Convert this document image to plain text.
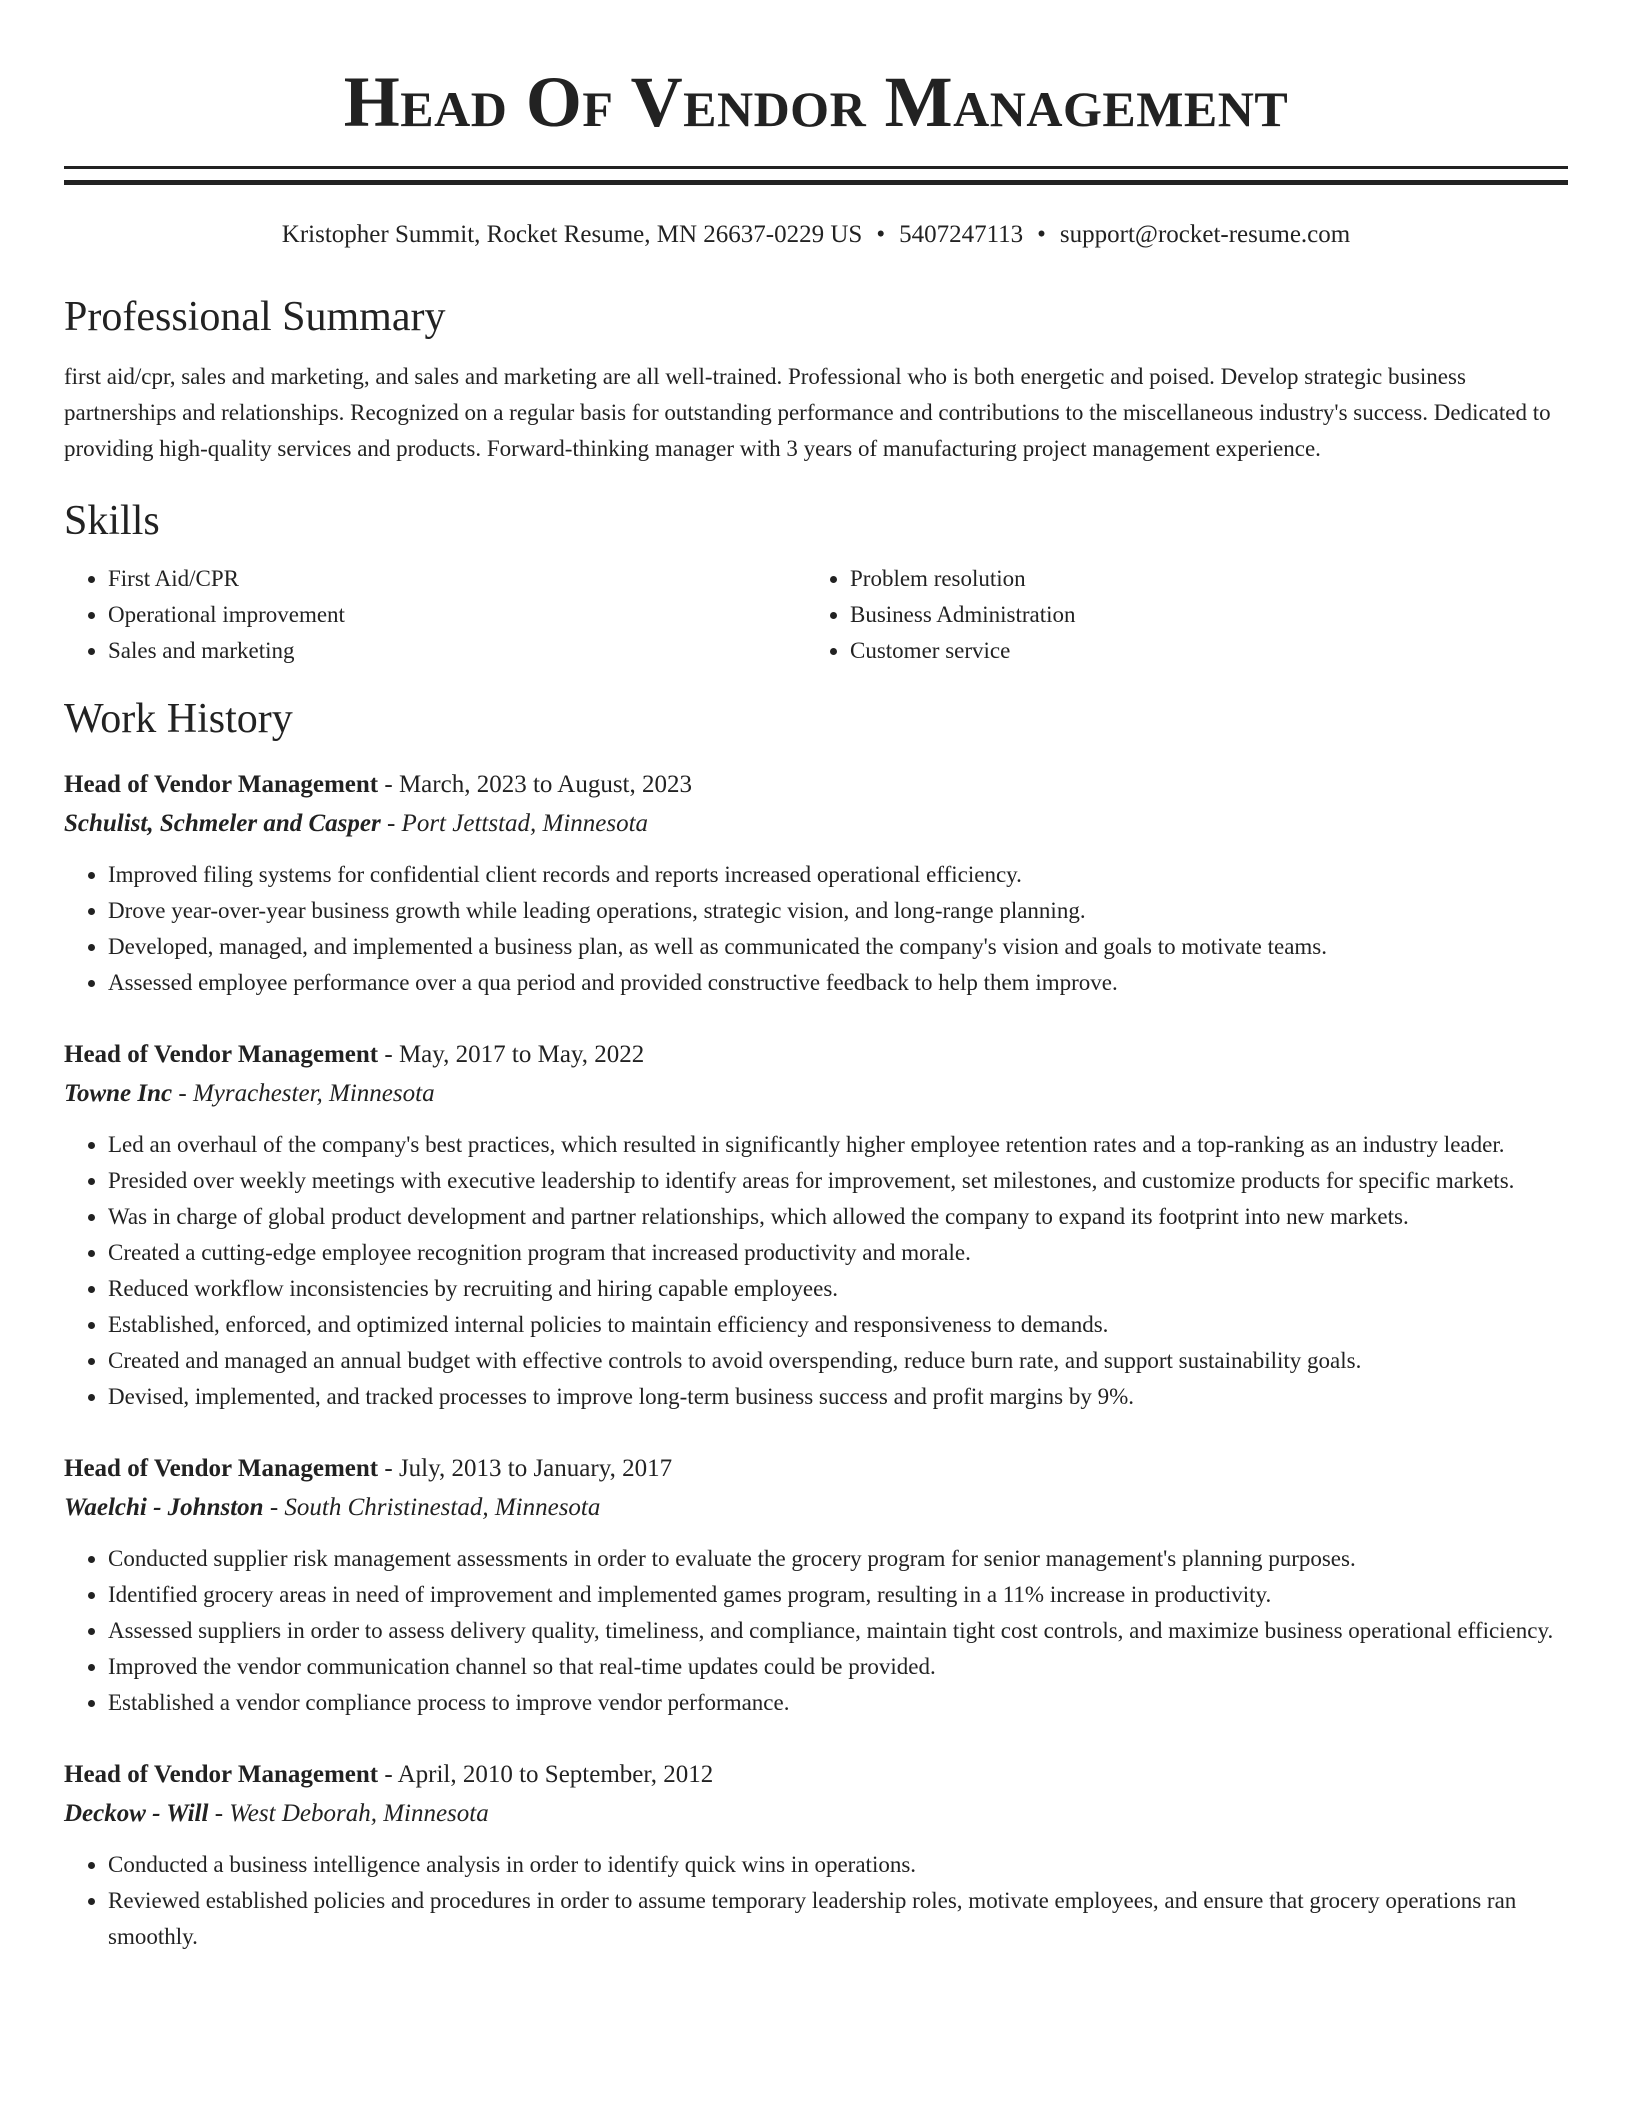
Head Of Vendor Management
Kristopher Summit, Rocket Resume, MN 26637-0229 US • 5407247113 • support@rocket-resume.com
Professional Summary

first aid/cpr, sales and marketing, and sales and marketing are all well-trained. Professional who is both energetic and poised. Develop strategic business partnerships and relationships. Recognized on a regular basis for outstanding performance and contributions to the miscellaneous industry's success. Dedicated to providing high-quality services and products. Forward-thinking manager with 3 years of manufacturing project management experience.

Skills
• First Aid/CPR
• Operational improvement
• Sales and marketing
• Problem resolution
• Business Administration
• Customer service
Work History
Head of Vendor Management - March, 2023 to August, 2023
Schulist, Schmeler and Casper - Port Jettstad, Minnesota
• Improved filing systems for confidential client records and reports increased operational efficiency.
• Drove year-over-year business growth while leading operations, strategic vision, and long-range planning.
• Developed, managed, and implemented a business plan, as well as communicated the company's vision and goals to motivate teams.
• Assessed employee performance over a qua period and provided constructive feedback to help them improve.
Head of Vendor Management - May, 2017 to May, 2022
Towne Inc - Myrachester, Minnesota
• Led an overhaul of the company's best practices, which resulted in significantly higher employee retention rates and a top-ranking as an industry leader.
• Presided over weekly meetings with executive leadership to identify areas for improvement, set milestones, and customize products for specific markets.
• Was in charge of global product development and partner relationships, which allowed the company to expand its footprint into new markets.
• Created a cutting-edge employee recognition program that increased productivity and morale.
• Reduced workflow inconsistencies by recruiting and hiring capable employees.
• Established, enforced, and optimized internal policies to maintain efficiency and responsiveness to demands.
• Created and managed an annual budget with effective controls to avoid overspending, reduce burn rate, and support sustainability goals.
• Devised, implemented, and tracked processes to improve long-term business success and profit margins by 9%.
Head of Vendor Management - July, 2013 to January, 2017
Waelchi - Johnston - South Christinestad, Minnesota
• Conducted supplier risk management assessments in order to evaluate the grocery program for senior management's planning purposes.
• Identified grocery areas in need of improvement and implemented games program, resulting in a 11% increase in productivity.
• Assessed suppliers in order to assess delivery quality, timeliness, and compliance, maintain tight cost controls, and maximize business operational efficiency.
• Improved the vendor communication channel so that real-time updates could be provided.
• Established a vendor compliance process to improve vendor performance.
Head of Vendor Management - April, 2010 to September, 2012
Deckow - Will - West Deborah, Minnesota
• Conducted a business intelligence analysis in order to identify quick wins in operations.
• Reviewed established policies and procedures in order to assume temporary leadership roles, motivate employees, and ensure that grocery operations ran smoothly.
